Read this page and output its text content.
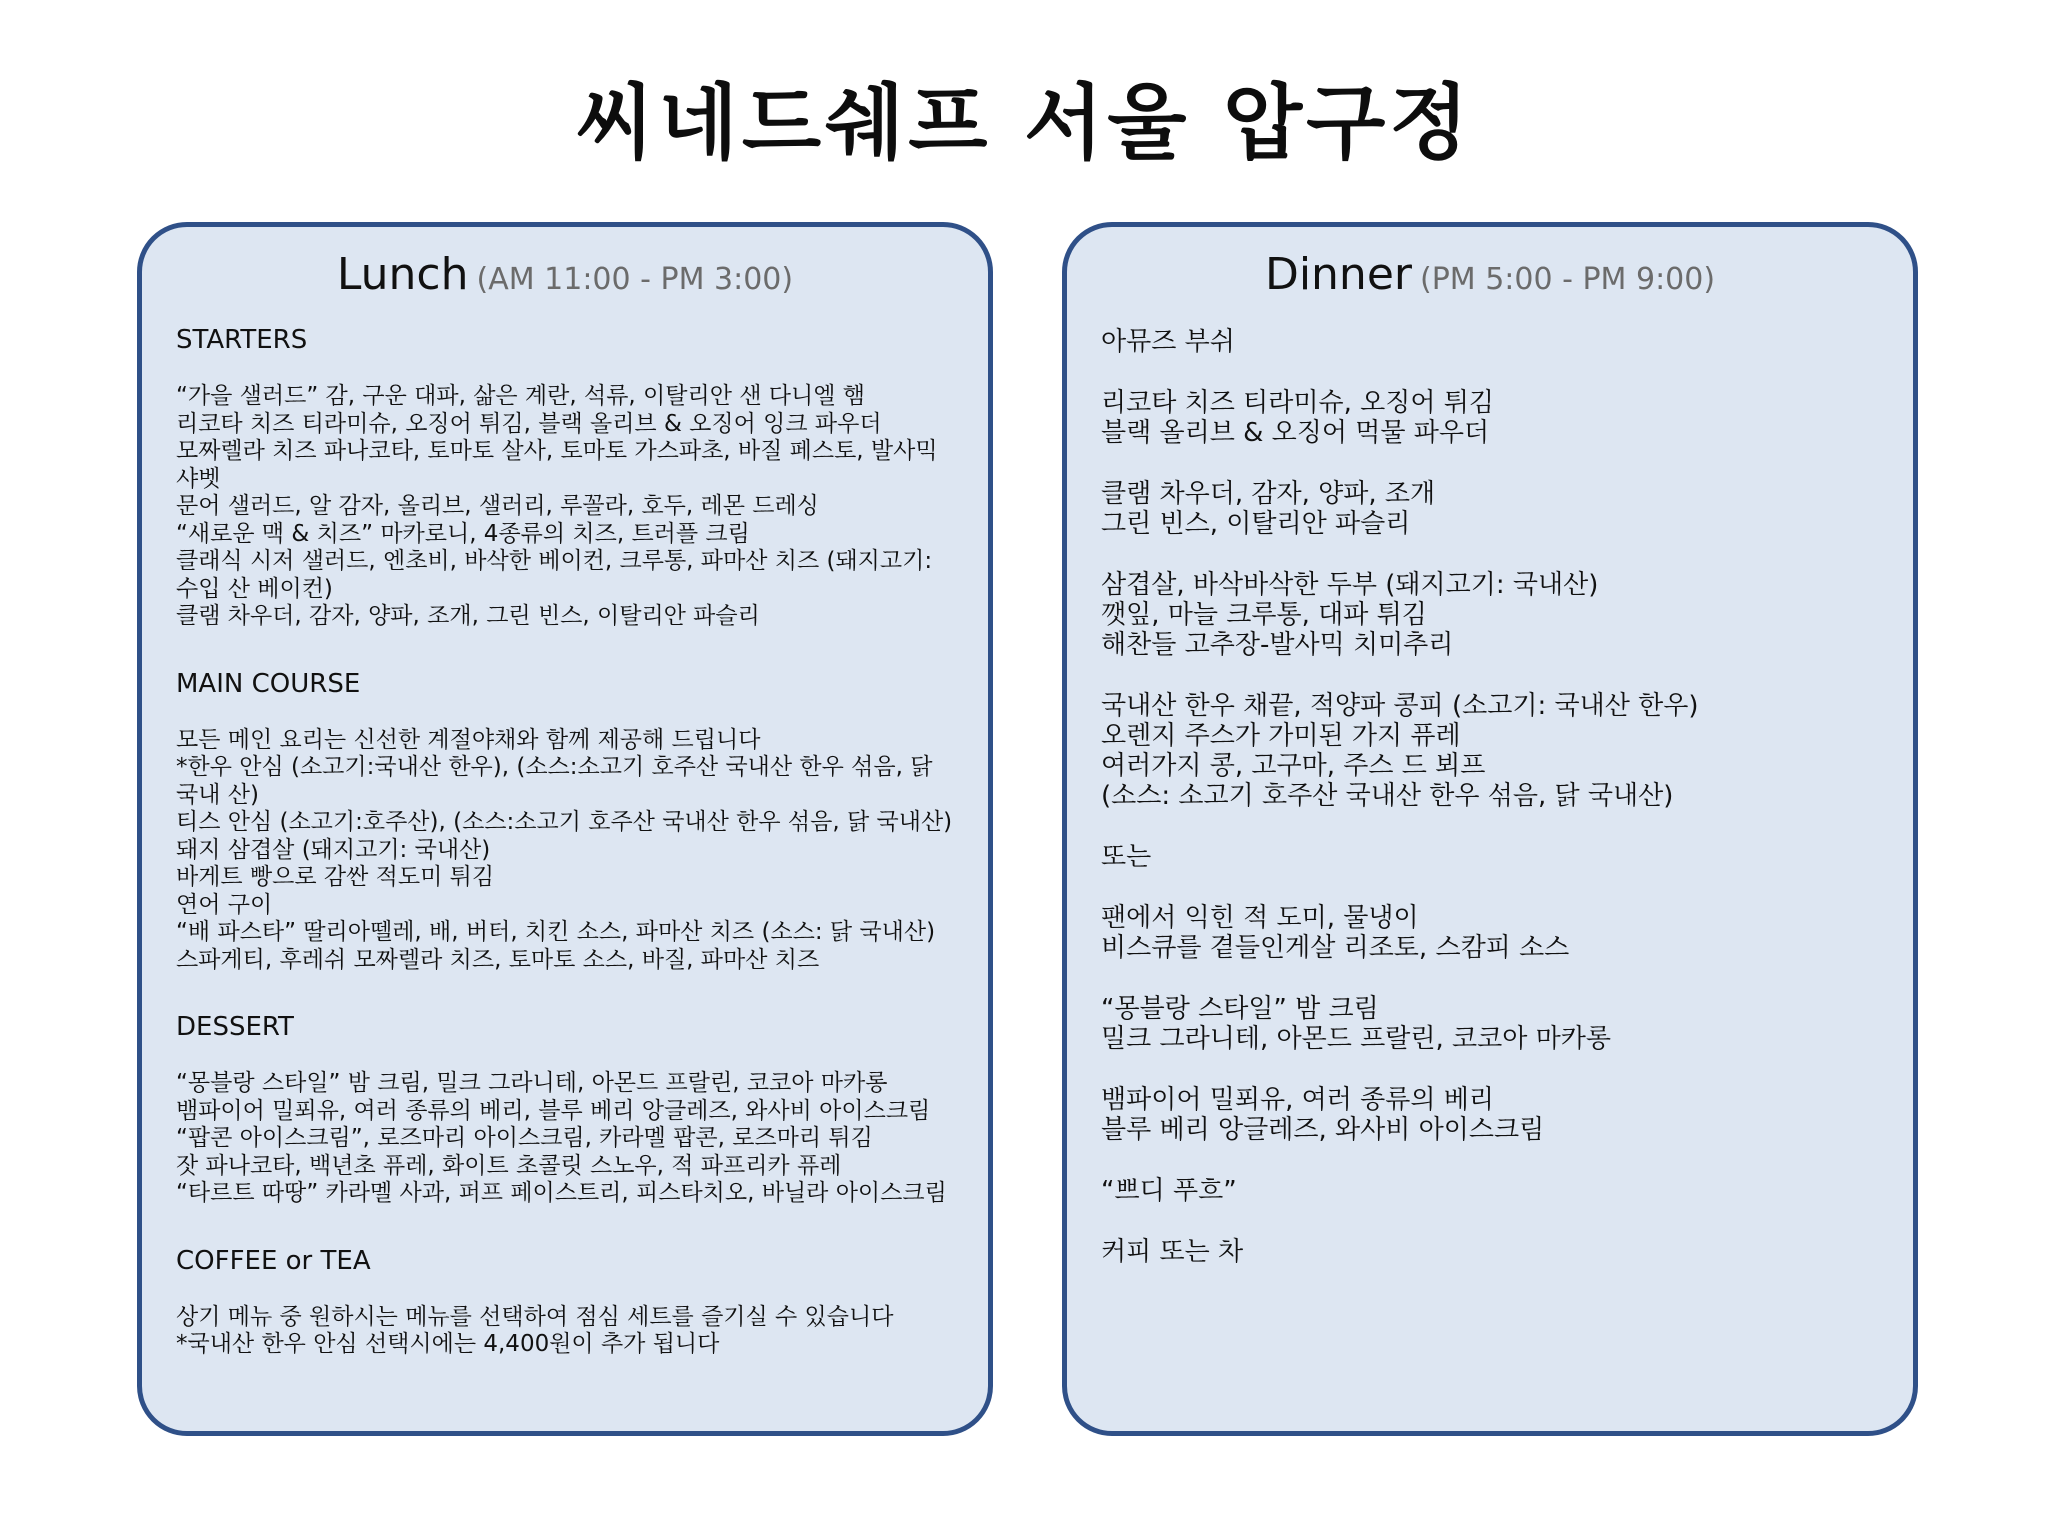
씨네드쉐프 서울 압구정
Lunch (AM 11:00 - PM 3:00)
STARTERS
“가을 샐러드” 감, 구운 대파, 삶은 계란, 석류, 이탈리안 샌 다니엘 햄
리코타 치즈 티라미슈, 오징어 튀김, 블랙 올리브 & 오징어 잉크 파우더
모짜렐라 치즈 파나코타, 토마토 살사, 토마토 가스파초, 바질 페스토, 발사믹 샤벳
문어 샐러드, 알 감자, 올리브, 샐러리, 루꼴라, 호두, 레몬 드레싱
“새로운 맥 & 치즈” 마카로니, 4종류의 치즈, 트러플 크림
클래식 시저 샐러드, 엔초비, 바삭한 베이컨, 크루통, 파마산 치즈 (돼지고기: 수입 산 베이컨)
클램 차우더, 감자, 양파, 조개, 그린 빈스, 이탈리안 파슬리
MAIN COURSE
모든 메인 요리는 신선한 계절야채와 함께 제공해 드립니다
*한우 안심 (소고기:국내산 한우), (소스:소고기 호주산 국내산 한우 섞음, 닭 국내 산)
티스 안심 (소고기:호주산), (소스:소고기 호주산 국내산 한우 섞음, 닭 국내산)
돼지 삼겹살 (돼지고기: 국내산)
바게트 빵으로 감싼 적도미 튀김
연어 구이
“배 파스타” 딸리아뗄레, 배, 버터, 치킨 소스, 파마산 치즈 (소스: 닭 국내산)
스파게티, 후레쉬 모짜렐라 치즈, 토마토 소스, 바질, 파마산 치즈
DESSERT
“몽블랑 스타일” 밤 크림, 밀크 그라니테, 아몬드 프랄린, 코코아 마카롱
뱀파이어 밀푀유, 여러 종류의 베리, 블루 베리 앙글레즈, 와사비 아이스크림
“팝콘 아이스크림”, 로즈마리 아이스크림, 카라멜 팝콘, 로즈마리 튀김
잣 파나코타, 백년초 퓨레, 화이트 초콜릿 스노우, 적 파프리카 퓨레
“타르트 따땅” 카라멜 사과, 퍼프 페이스트리, 피스타치오, 바닐라 아이스크림
COFFEE or TEA
상기 메뉴 중 원하시는 메뉴를 선택하여 점심 세트를 즐기실 수 있습니다
*국내산 한우 안심 선택시에는 4,400원이 추가 됩니다
Dinner (PM 5:00 - PM 9:00)
아뮤즈 부쉬
리코타 치즈 티라미슈, 오징어 튀김
블랙 올리브 & 오징어 먹물 파우더
클램 차우더, 감자, 양파, 조개
그린 빈스, 이탈리안 파슬리
삼겹살, 바삭바삭한 두부 (돼지고기: 국내산)
깻잎, 마늘 크루통, 대파 튀김
해찬들 고추장-발사믹 치미추리
국내산 한우 채끝, 적양파 콩피 (소고기: 국내산 한우)
오렌지 주스가 가미된 가지 퓨레
여러가지 콩, 고구마, 주스 드 뵈프
(소스: 소고기 호주산 국내산 한우 섞음, 닭 국내산)
또는
팬에서 익힌 적 도미, 물냉이
비스큐를 곁들인게살 리조토, 스캄피 소스
“몽블랑 스타일” 밤 크림
밀크 그라니테, 아몬드 프랄린, 코코아 마카롱
뱀파이어 밀푀유, 여러 종류의 베리
블루 베리 앙글레즈, 와사비 아이스크림
“쁘디 푸흐”
커피 또는 차
